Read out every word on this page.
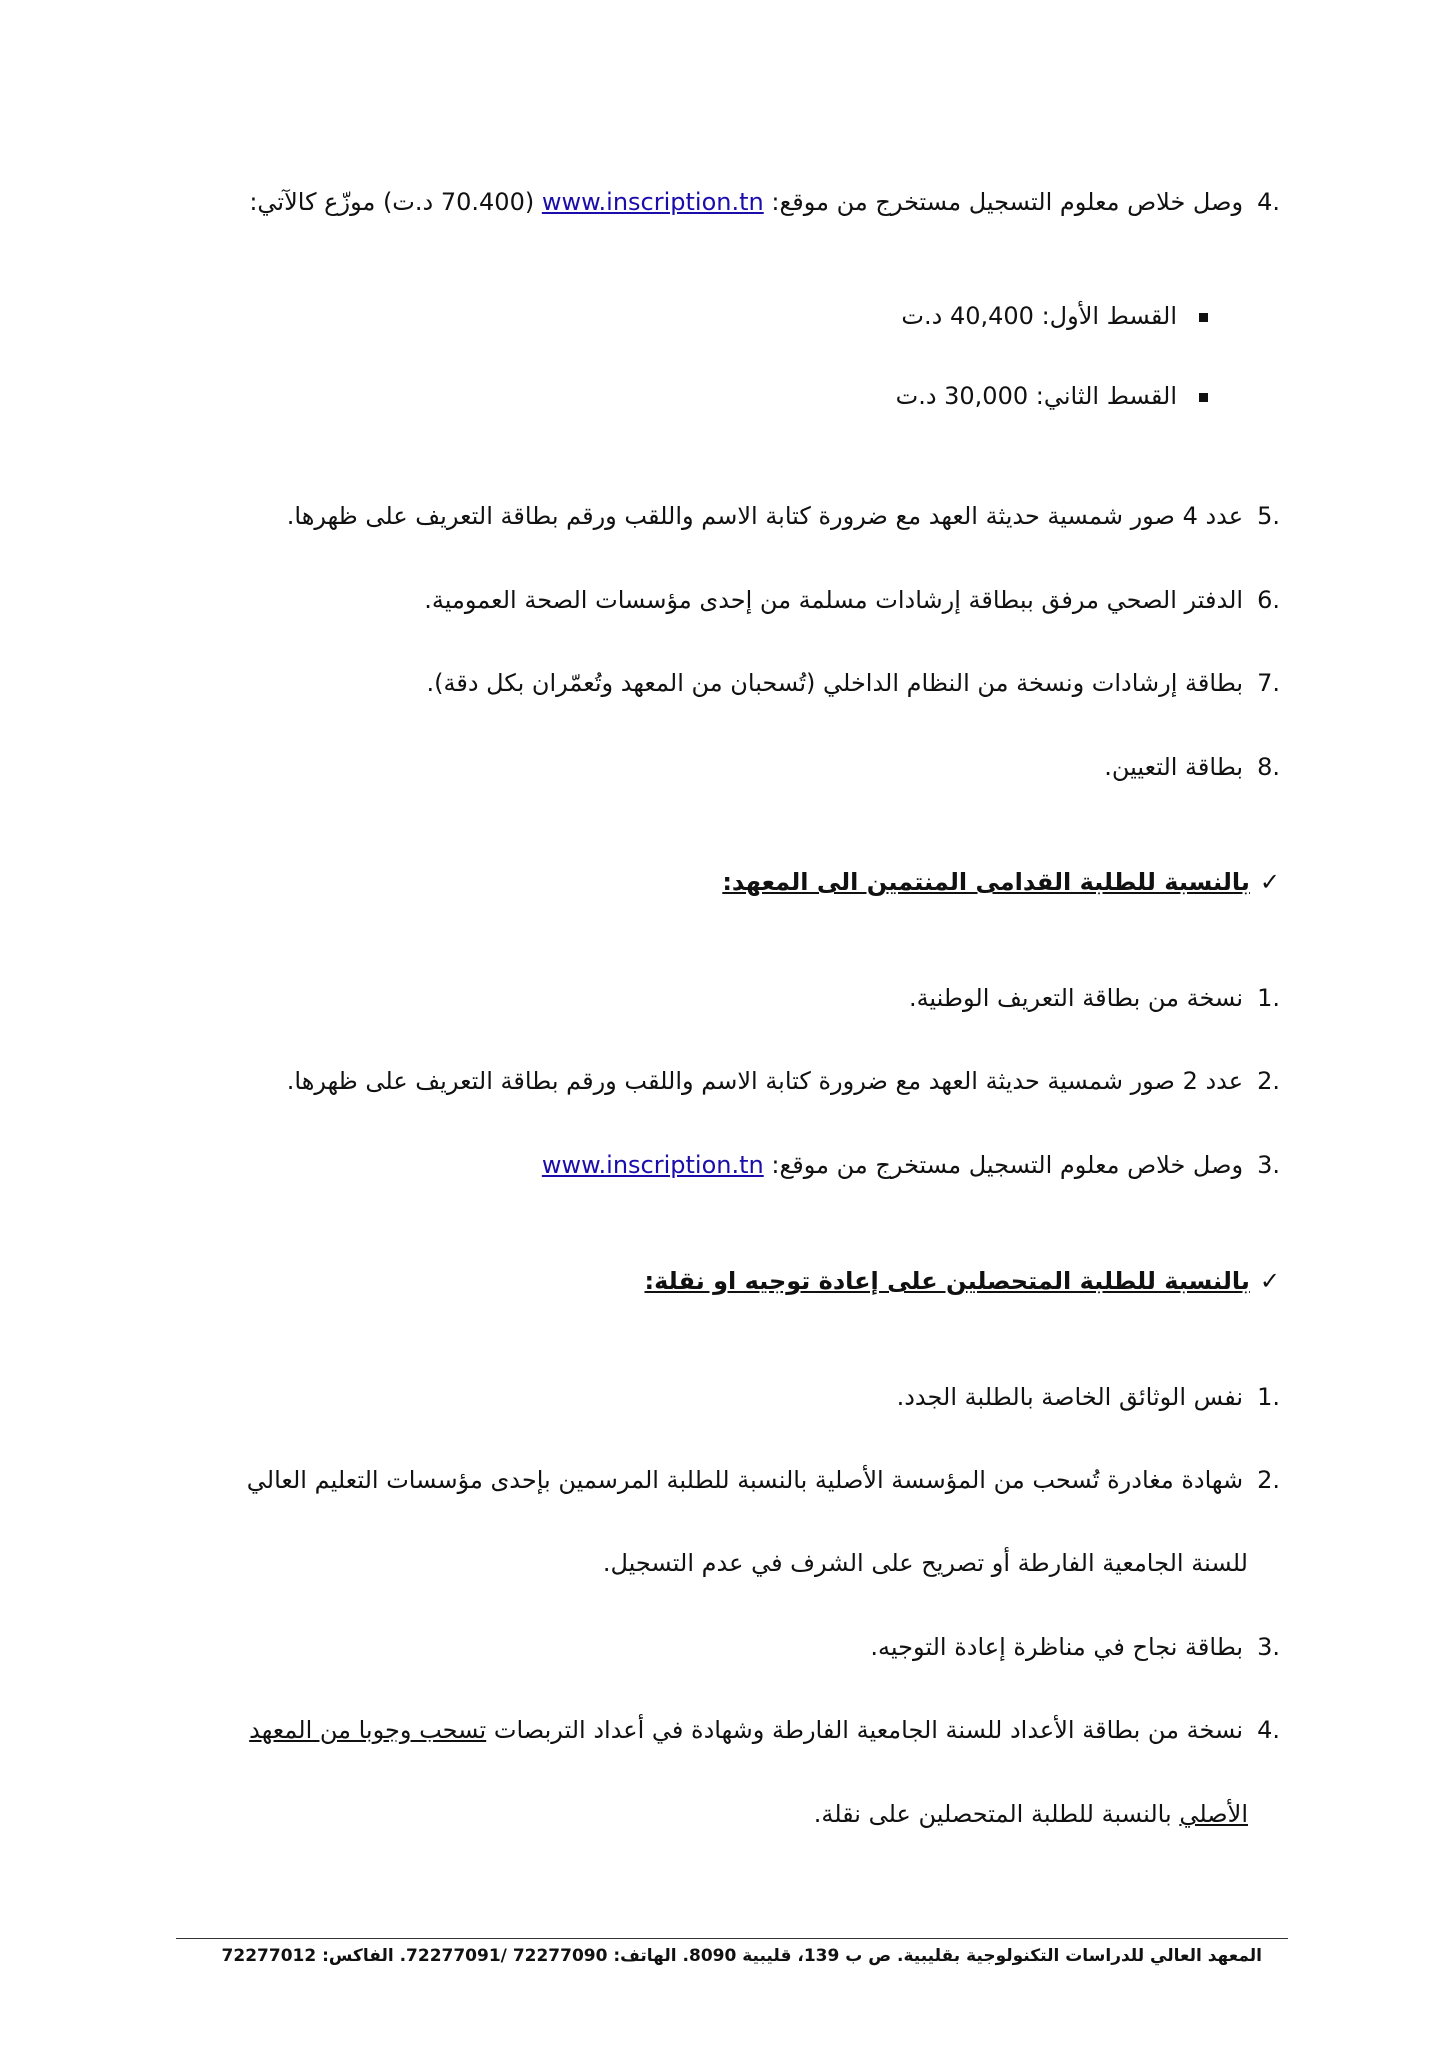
4 .وصل خلاص معلوم التسجيل مستخرج من موقع: www.inscription.tn (70.400 د.ت) موزّع كالآتي:
القسط الأول: 40,400 د.ت
القسط الثاني: 30,000 د.ت
5 .عدد 4 صور شمسية حديثة العهد مع ضرورة كتابة الاسم واللقب ورقم بطاقة التعريف على ظهرها.
6 .الدفتر الصحي مرفق ببطاقة إرشادات مسلمة من إحدى مؤسسات الصحة العمومية.
7 .بطاقة إرشادات ونسخة من النظام الداخلي (تُسحبان من المعهد وتُعمّران بكل دقة).
8 .بطاقة التعيين.
✓بالنسبة للطلبة القدامى المنتمين الى المعهد:
1 .نسخة من بطاقة التعريف الوطنية.
2 .عدد 2 صور شمسية حديثة العهد مع ضرورة كتابة الاسم واللقب ورقم بطاقة التعريف على ظهرها.
3 .وصل خلاص معلوم التسجيل مستخرج من موقع: www.inscription.tn
✓بالنسبة للطلبة المتحصلين على إعادة توجيه او نقلة:
1 .نفس الوثائق الخاصة بالطلبة الجدد.
2 .شهادة مغادرة تُسحب من المؤسسة الأصلية بالنسبة للطلبة المرسمين بإحدى مؤسسات التعليم العالي
للسنة الجامعية الفارطة أو تصريح على الشرف في عدم التسجيل.
3 .بطاقة نجاح في مناظرة إعادة التوجيه.
4 .نسخة من بطاقة الأعداد للسنة الجامعية الفارطة وشهادة في أعداد التربصات تسحب وجوبا من المعهد
الأصلي بالنسبة للطلبة المتحصلين على نقلة.
المعهد العالي للدراسات التكنولوجية بقليبية. ص ب 139، قليبية 8090. الهاتف: 72277090 /72277091. الفاكس: 72277012
